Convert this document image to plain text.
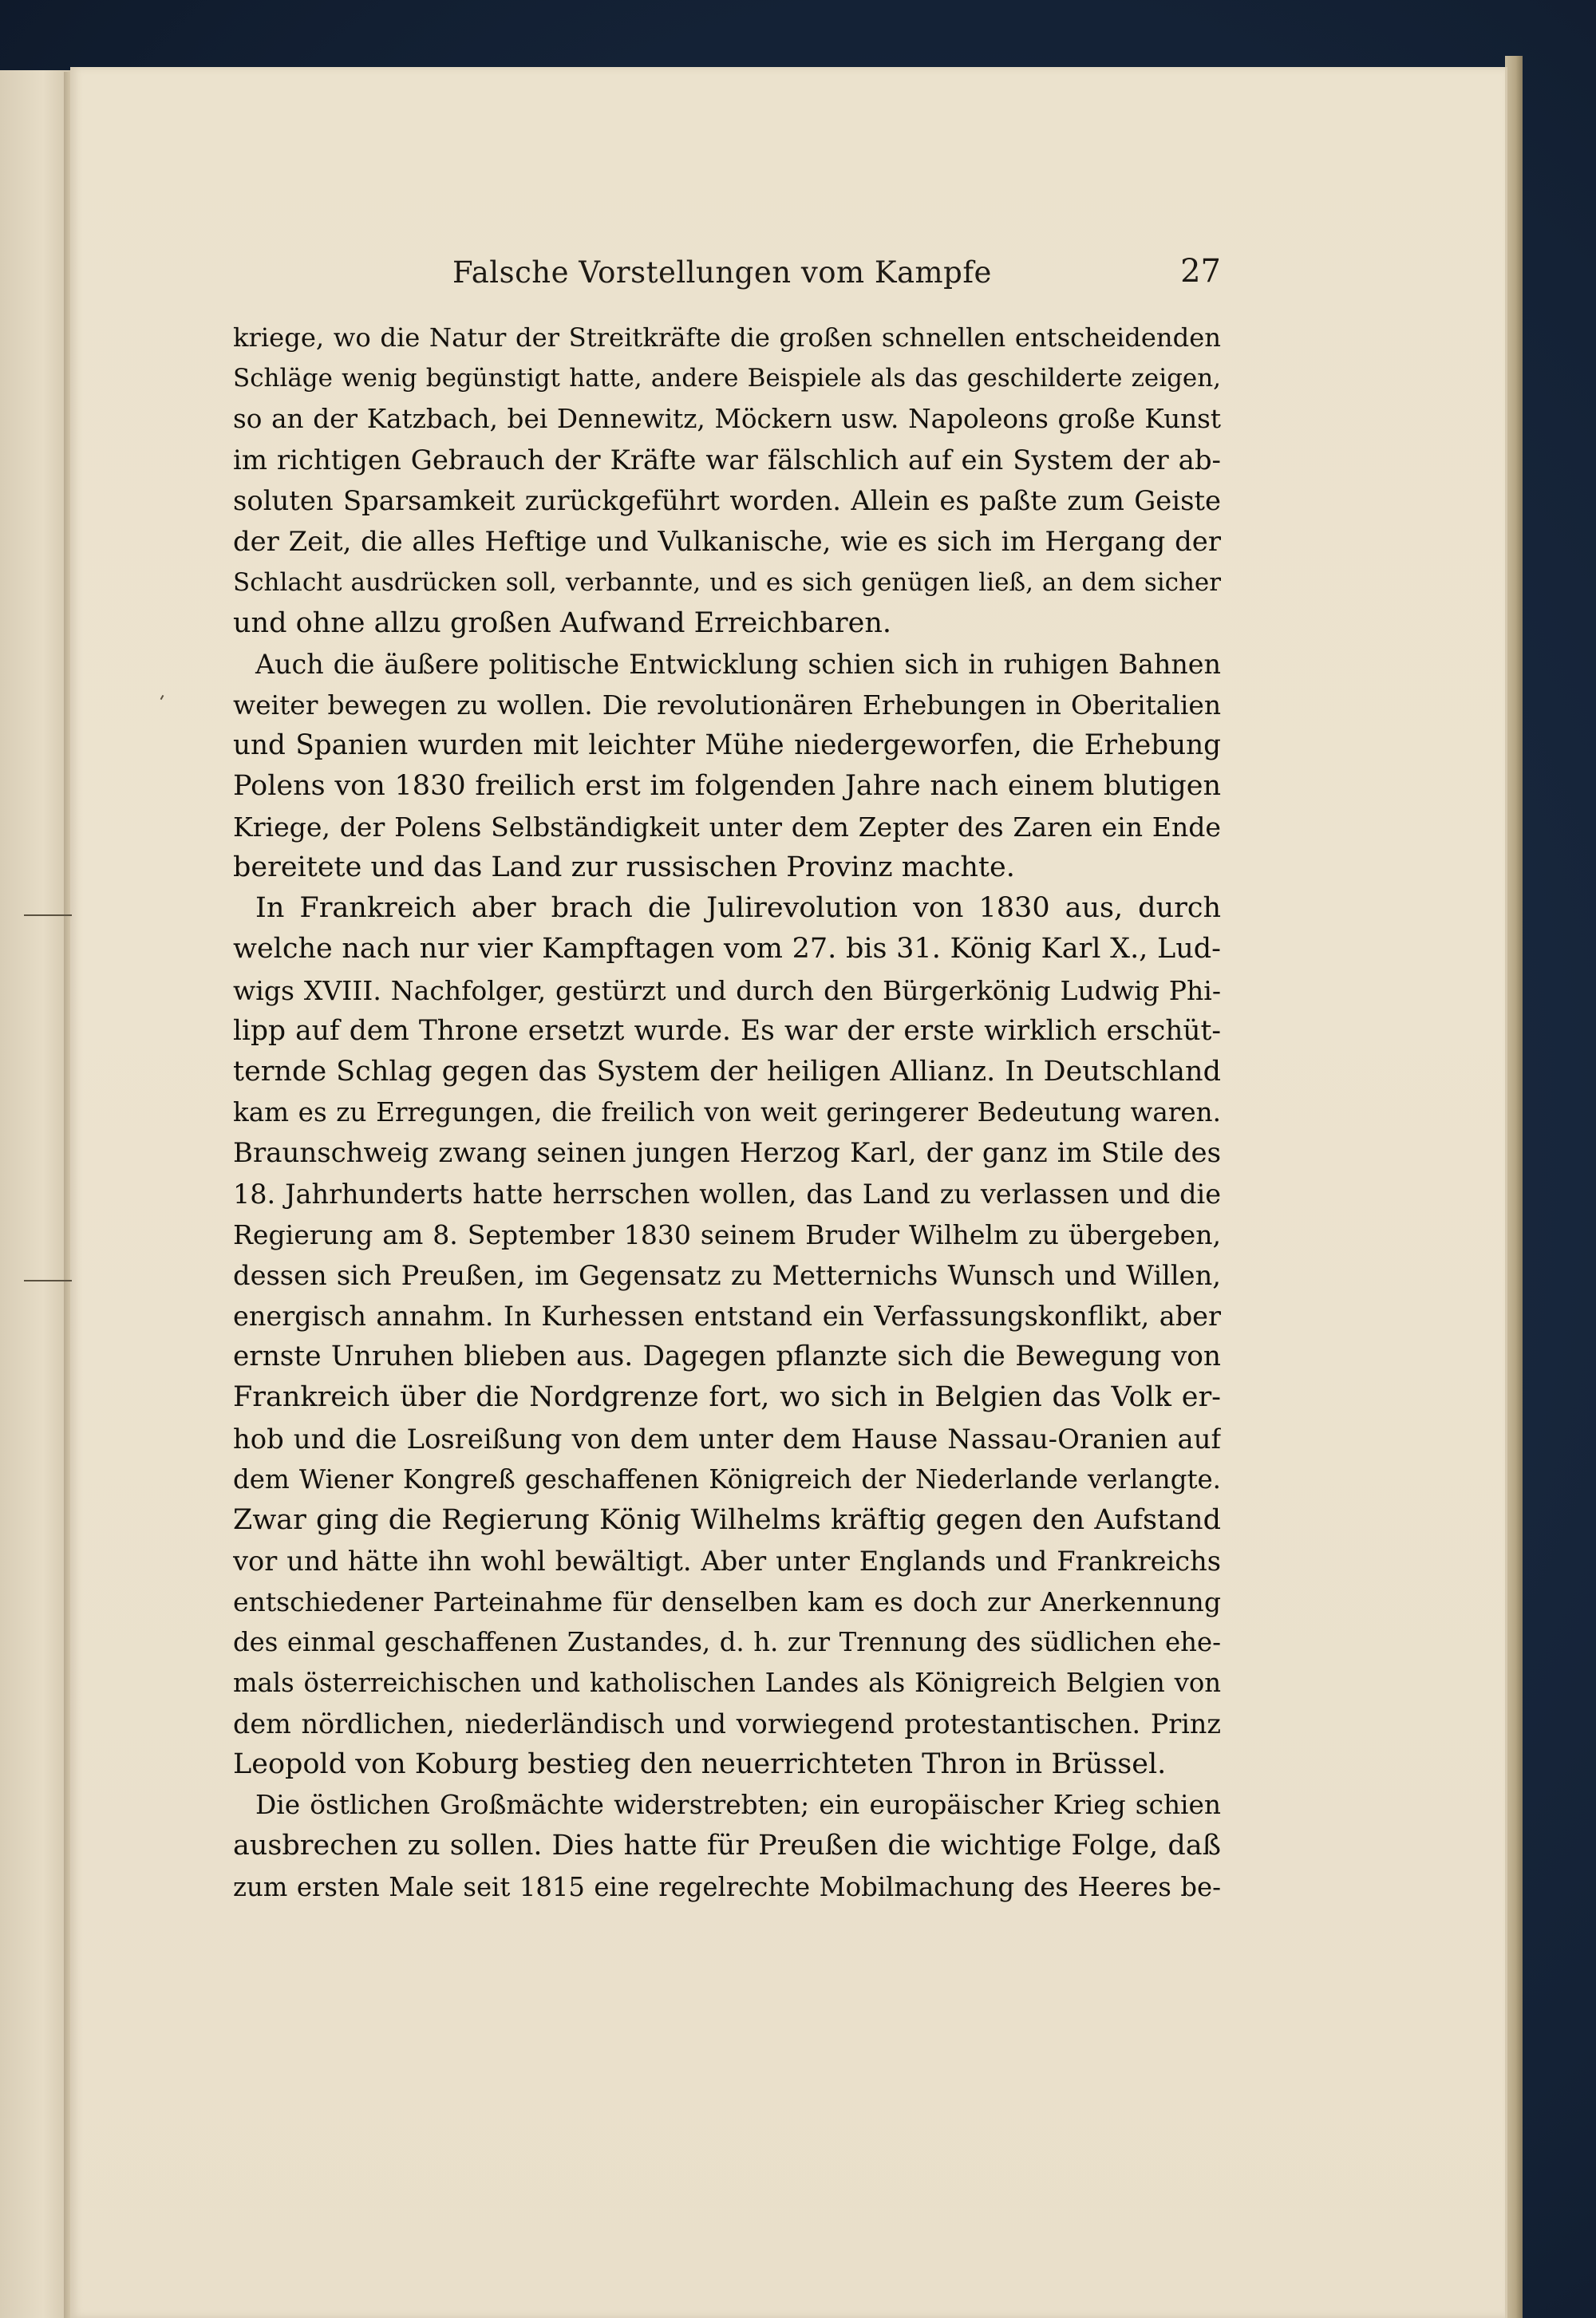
Falsche Vorstellungen vom Kampfe	27
kriege, wo die Natur der Streitkräfte die großen schnellen entscheidenden
Schläge wenig begünstigt hatte, andere Beispiele als das geschilderte zeigen,
so an der Katzbach, bei Dennewitz, Möckern usw. Napoleons große Kunst
im richtigen Gebrauch der Kräfte war fälschlich auf ein System der ab-
soluten Sparsamkeit zurückgeführt worden. Allein es paßte zum Geiste
der Zeit, die alles Heftige und Vulkanische, wie es sich im Hergang der
Schlacht ausdrücken soll, verbannte, und es sich genügen ließ, an dem sicher
und ohne allzu großen Aufwand Erreichbaren.
Auch die äußere politische Entwicklung schien sich in ruhigen Bahnen
weiter bewegen zu wollen. Die revolutionären Erhebungen in Oberitalien
und Spanien wurden mit leichter Mühe niedergeworfen, die Erhebung
Polens von 1830 freilich erst im folgenden Jahre nach einem blutigen
Kriege, der Polens Selbständigkeit unter dem Zepter des Zaren ein Ende
bereitete und das Land zur russischen Provinz machte.
In Frankreich aber brach die Julirevolution von 1830 aus, durch
welche nach nur vier Kampftagen vom 27. bis 31. König Karl X., Lud-
wigs XVIII. Nachfolger, gestürzt und durch den Bürgerkönig Ludwig Phi-
lipp auf dem Throne ersetzt wurde. Es war der erste wirklich erschüt-
ternde Schlag gegen das System der heiligen Allianz. In Deutschland
kam es zu Erregungen, die freilich von weit geringerer Bedeutung waren.
Braunschweig zwang seinen jungen Herzog Karl, der ganz im Stile des
18. Jahrhunderts hatte herrschen wollen, das Land zu verlassen und die
Regierung am 8. September 1830 seinem Bruder Wilhelm zu übergeben,
dessen sich Preußen, im Gegensatz zu Metternichs Wunsch und Willen,
energisch annahm. In Kurhessen entstand ein Verfassungskonflikt, aber
ernste Unruhen blieben aus. Dagegen pflanzte sich die Bewegung von
Frankreich über die Nordgrenze fort, wo sich in Belgien das Volk er-
hob und die Losreißung von dem unter dem Hause Nassau-Oranien auf
dem Wiener Kongreß geschaffenen Königreich der Niederlande verlangte.
Zwar ging die Regierung König Wilhelms kräftig gegen den Aufstand
vor und hätte ihn wohl bewältigt. Aber unter Englands und Frankreichs
entschiedener Parteinahme für denselben kam es doch zur Anerkennung
des einmal geschaffenen Zustandes, d. h. zur Trennung des südlichen ehe-
mals österreichischen und katholischen Landes als Königreich Belgien von
dem nördlichen, niederländisch und vorwiegend protestantischen. Prinz
Leopold von Koburg bestieg den neuerrichteten Thron in Brüssel.
Die östlichen Großmächte widerstrebten; ein europäischer Krieg schien
ausbrechen zu sollen. Dies hatte für Preußen die wichtige Folge, daß
zum ersten Male seit 1815 eine regelrechte Mobilmachung des Heeres be-
